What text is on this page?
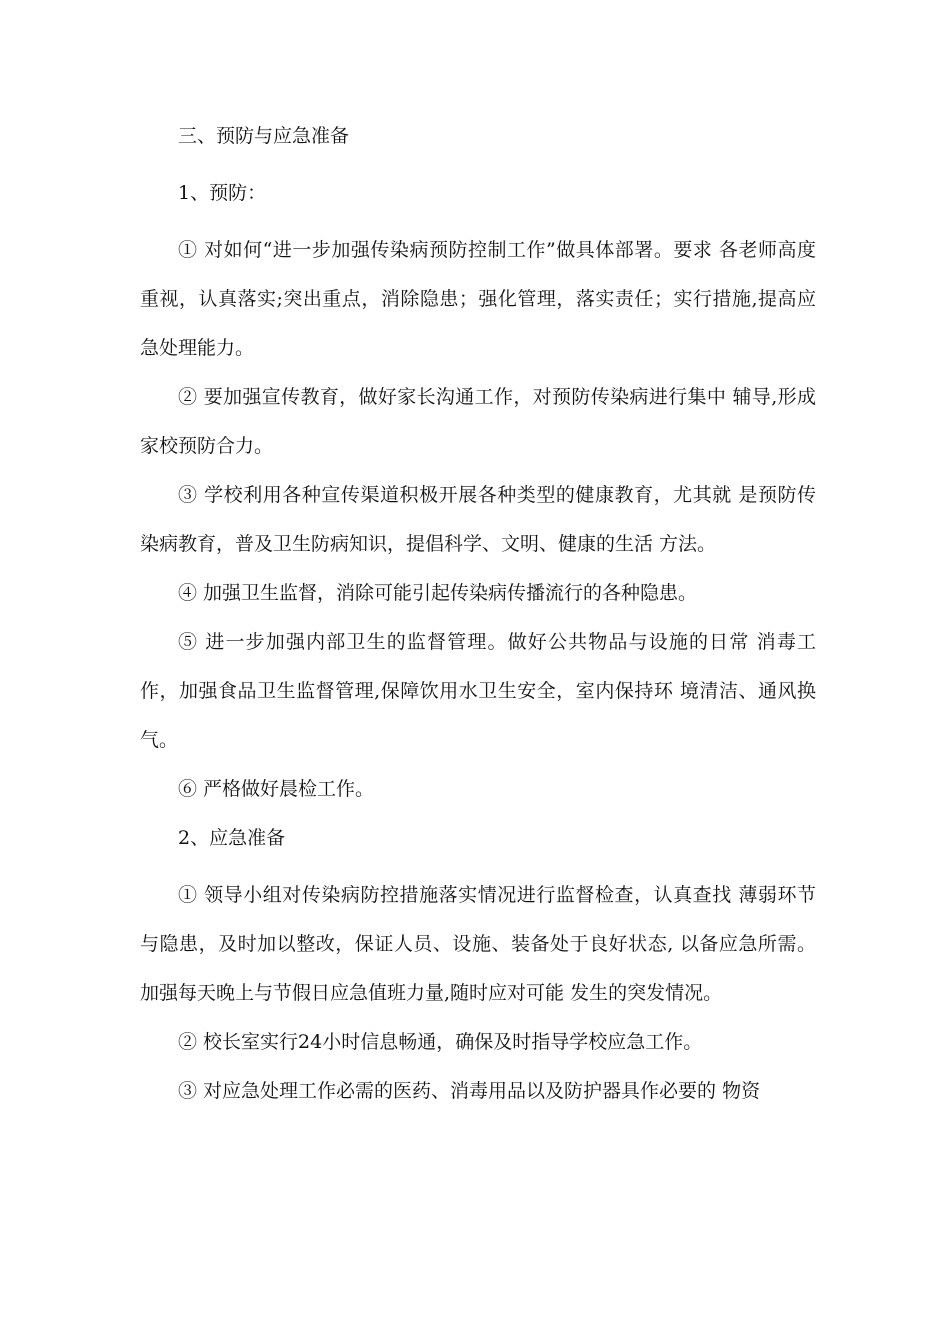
三、预防与应急准备

1、预防：

① 对如何“进一步加强传染病预防控制工作”做具体部署。要求 各老师高度重视，认真落实;突出重点，消除隐患；强化管理，落实责任；实行措施,提高应急处理能力。

② 要加强宣传教育，做好家长沟通工作，对预防传染病进行集中 辅导,形成家校预防合力。

③ 学校利用各种宣传渠道积极开展各种类型的健康教育，尤其就 是预防传染病教育，普及卫生防病知识，提倡科学、文明、健康的生活 方法。

④ 加强卫生监督，消除可能引起传染病传播流行的各种隐患。

⑤ 进一步加强内部卫生的监督管理。做好公共物品与设施的日常 消毒工作，加强食品卫生监督管理,保障饮用水卫生安全，室内保持环 境清洁、通风换气。

⑥ 严格做好晨检工作。

2、应急准备

① 领导小组对传染病防控措施落实情况进行监督检查，认真查找 薄弱环节与隐患，及时加以整改，保证人员、设施、装备处于良好状态, 以备应急所需。加强每天晚上与节假日应急值班力量,随时应对可能 发生的突发情况。

② 校长室实行24小时信息畅通，确保及时指导学校应急工作。

③ 对应急处理工作必需的医药、消毒用品以及防护器具作必要的 物资
